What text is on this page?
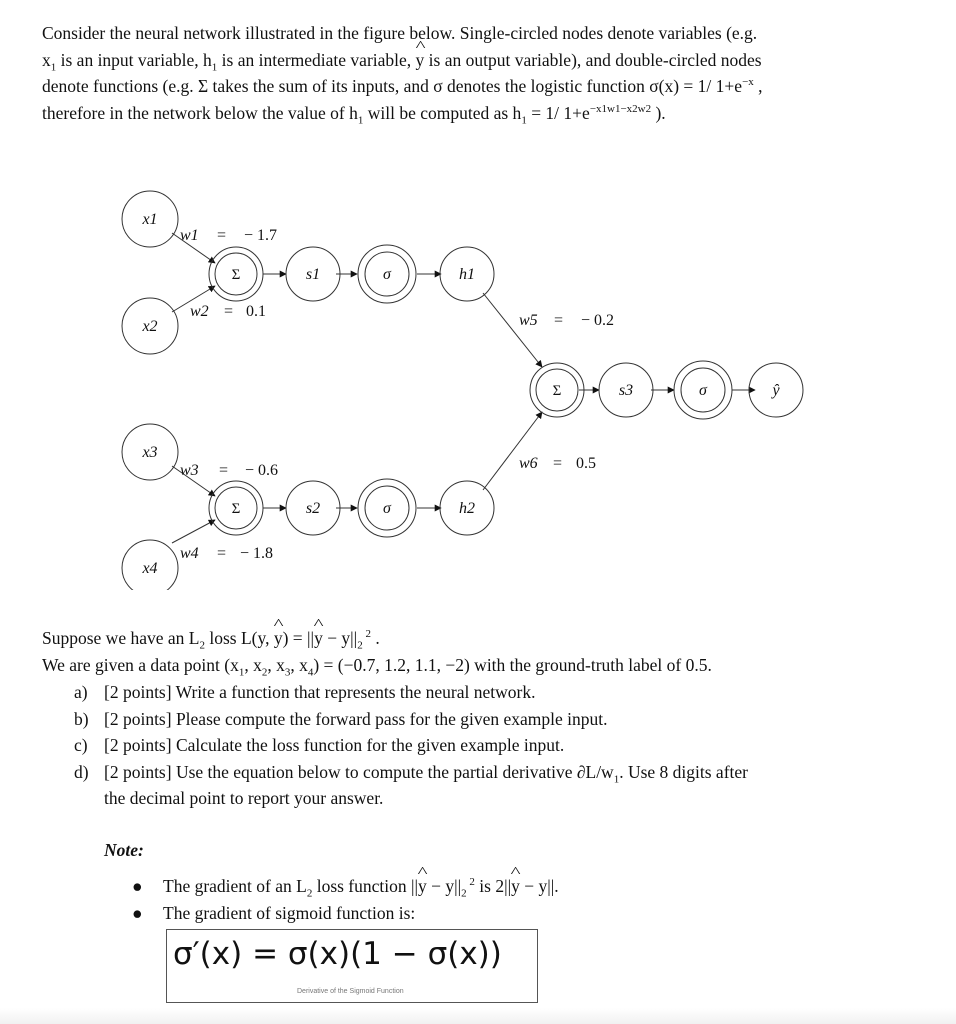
Consider the neural network illustrated in the figure below. Single-circled nodes denote variables (e.g.
$x_1$ is an input variable, $h_1$ is an intermediate variable, ^ y is an output variable), and double-circled nodes
denote functions (e.g. Σ takes the sum of its inputs, and σ denotes the logistic function σ(x) = 1/ $1+e^{-x}$ ,
therefore in the network below the value of $h_1$ will be computed as $h_1 = 1/$ $1+e^{-x1w1-x2w2}$ ).
x1
x2
x3
x4
s1
s2
s3
σ
σ
σ
h1
h2
ŷ
Σ
Σ
Σ
w1 = − 1.7
w2 = 0.1
w3 = − 0.6
w4 = − 1.8
w5 = − 0.2
w6 = 0.5
Suppose we have an $L_2$ loss L(y, ^ y) = ||^ $y - y||_2$ $^2$ .
We are given a data point ($x_1$, $x_2$, $x_3$, $x_4) = (-0.7$, 1.2, 1.1, −2) with the ground-truth label of 0.5.
a) [2 points] Write a function that represents the neural network.
b) [2 points] Please compute the forward pass for the given example input.
c) [2 points] Calculate the loss function for the given example input.
d) [2 points] Use the equation below to compute the partial derivative $\partial L/w_1$. Use 8 digits after
the decimal point to report your answer.
Note:
● The gradient of an $L_2$ loss function ||^ $y - y||_2$ $^2$ is 2||^ y − y||.
● The gradient of sigmoid function is:
σ′(x) = σ(x)(1 − σ(x))
Derivative of the Sigmoid Function
